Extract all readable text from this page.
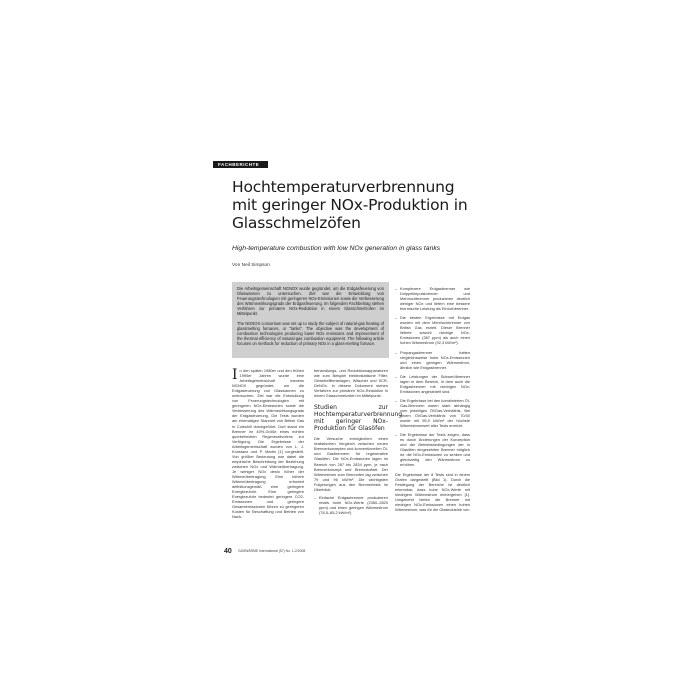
FACHBERICHTE
Hochtemperaturverbrennung
mit geringer NOx-Produktion in
Glasschmelzöfen
High-temperature combustion with low NOx generation in glass tanks
Von Neil Simpson

Die Arbeitsgemeinschaft NGNOX wurde gegründet, um die Erdgasfeuerung von Glaswannen zu untersuchen. Ziel war die Entwicklung von Feuerungstechnologien mit geringeren NOx-Emissionen sowie die Verbesserung des Wärmewirkungsgrads der Erdgasfeuerung. Im folgenden Fachbeitrag stehen Verfahren zur primären NOx-Reduktion in einem Glasschmelzofen im Mittelpunkt.

The NGNOX consortium was set up to study the subject of natural-gas heating of glassmelting furnaces, or "tanks". The objective was the development of combustion technologies producing lower NOx emissions and improvement of the thermal efficiency of natural-gas combustion equipment. The following article focuses on methods for reduction of primary NOx in a glass-melting furnace.

In den späten 1980er und den frühen 1990er Jahren wurde eine Arbeitsgemeinschaft namens NGNOX gegründet, um die Erdgasfeuerung von Glaswannen zu untersuchen. Ziel war die Entwicklung von Feuerungstechnologien mit geringeren NOx-Emissionen sowie die Verbesserung des Wärmewirkungsgrads der Erdgasfeuerung. Die Tests wurden am ehemaligen Standort von British Gas in Coleshill durchgeführt. Dort stand ein Brenner im 40%-Größe eines echten querbeheizten Regenerativofens zur Verfügung. Die Ergebnisse der Arbeitsgemeinschaft wurden von L. J. Konstanz und P. Martin [1] vorgestellt. Von größter Bedeutung war dabei die empirische Beschreibung der Beziehung zwischen NOx und Wärmeübertragung. Je weniger NOx desto höher der Wärmeübertragung. Eine höhere Wärmeübertragung erfordert definitionsgemäß eine geringere Energiezufuhr. Eine geringere Energiezufuhr bedeutet geringere CO2-Emissionen und geringere Gesamtemissionen führen zu geringeren Kosten für Beschaffung und Betrieb von Nach-

behandlungs- und Reduktionsapparaturen wie zum Beispiel elektrostatische Filter, Gewebefilteranlagen, Wäscher und SCR-DeNOx. In diesem Dokument stehen Verfahren zur primären NOx-Reduktion in einem Glasschmelzofen im Mittelpunkt.

Studien zur Hochtemperaturverbrennung mit geringer NOx-Produktion für Glasöfen

Die Versuche ermöglichten einen realistischen Vergleich zwischen neuen Brennerkonzepten und konventionellen Öl- und Gasbrennern für regenerative Glasöfen. Die NOx-Emissionen lagen im Bereich von 287 bis 2834 ppm, je nach Brennerkonzept und Brennstoffart. Der Wärmestrom zum Brennofen lag zwischen 79 und 96 kW/m². Die wichtigsten Folgerungen aus den Brennertests im Überblick:

– Einfache Erdgasbrenner produzieren relativ hohe NOx-Werte (2360–2820 ppm) und einen geringen Wärmestrom (78,5–85,2 kW/m²).
– Komplexere Erdgasbrenner wie Dolppelimpulsbrenner und Mehrlochbrenner produzieren deutlich weniger NOx und liefern eine bessere thermische Leistung als Einlochbrenner.
– Die besten Ergebnisse mit Erdgas wurden mit dem Mehrlochbrenner von British Gas erzielt. Dieser Brenner lieferte sowohl niedrige NOx-Emissionen (387 ppm) als auch einen hohen Wärmestrom (92,3 kW/m²).
– Propangasbrenner hatten vergleichsweise hohe NOx-Emissionen und einen geringen Wärmestrom, ähnlich wie Erdgasbrenner.
– Die Leistungen der Schwerölbrenner lagen in dem Bereich, in dem auch die Erdgasbrenner mit niedrigen NOx-Emissionen angesiedelt sind.
– Die Ergebnisse bei den kombinierten Öl-Gas-Brennern waren stark abhängig vom jeweiligen Öl/Gas-Verhältnis. Bei einem Öl/Gas-Verhältnis von 70/30 wurde mit 95,9 kW/m² der höchste Wärmestromwert aller Tests erreicht.
– Die Ergebnisse der Tests zeigen, dass es durch Änderungen der Konzeption und der Betriebsbedingungen der in Glasöfen eingesetzten Brenner möglich ist, die NOx-Emissionen zu senken und gleichzeitig den Wärmestrom zu erhöhen.

Die Ergebnisse der 8 Tests sind in einem Grafen dargestellt (Bild 1). Durch die Festlegung der Bereiche ist deutlich erkennbar, dass hohe NOx-Werte mit niedrigem Wärmestrom einhergehen [1]. Umgekehrt bieten die Brenner mit niedrigen NOx-Emissionen einen hohen Wärmestrom, was für die Glasindustrie von

40 GASWÄRME International (57) No. 1-2/2008
